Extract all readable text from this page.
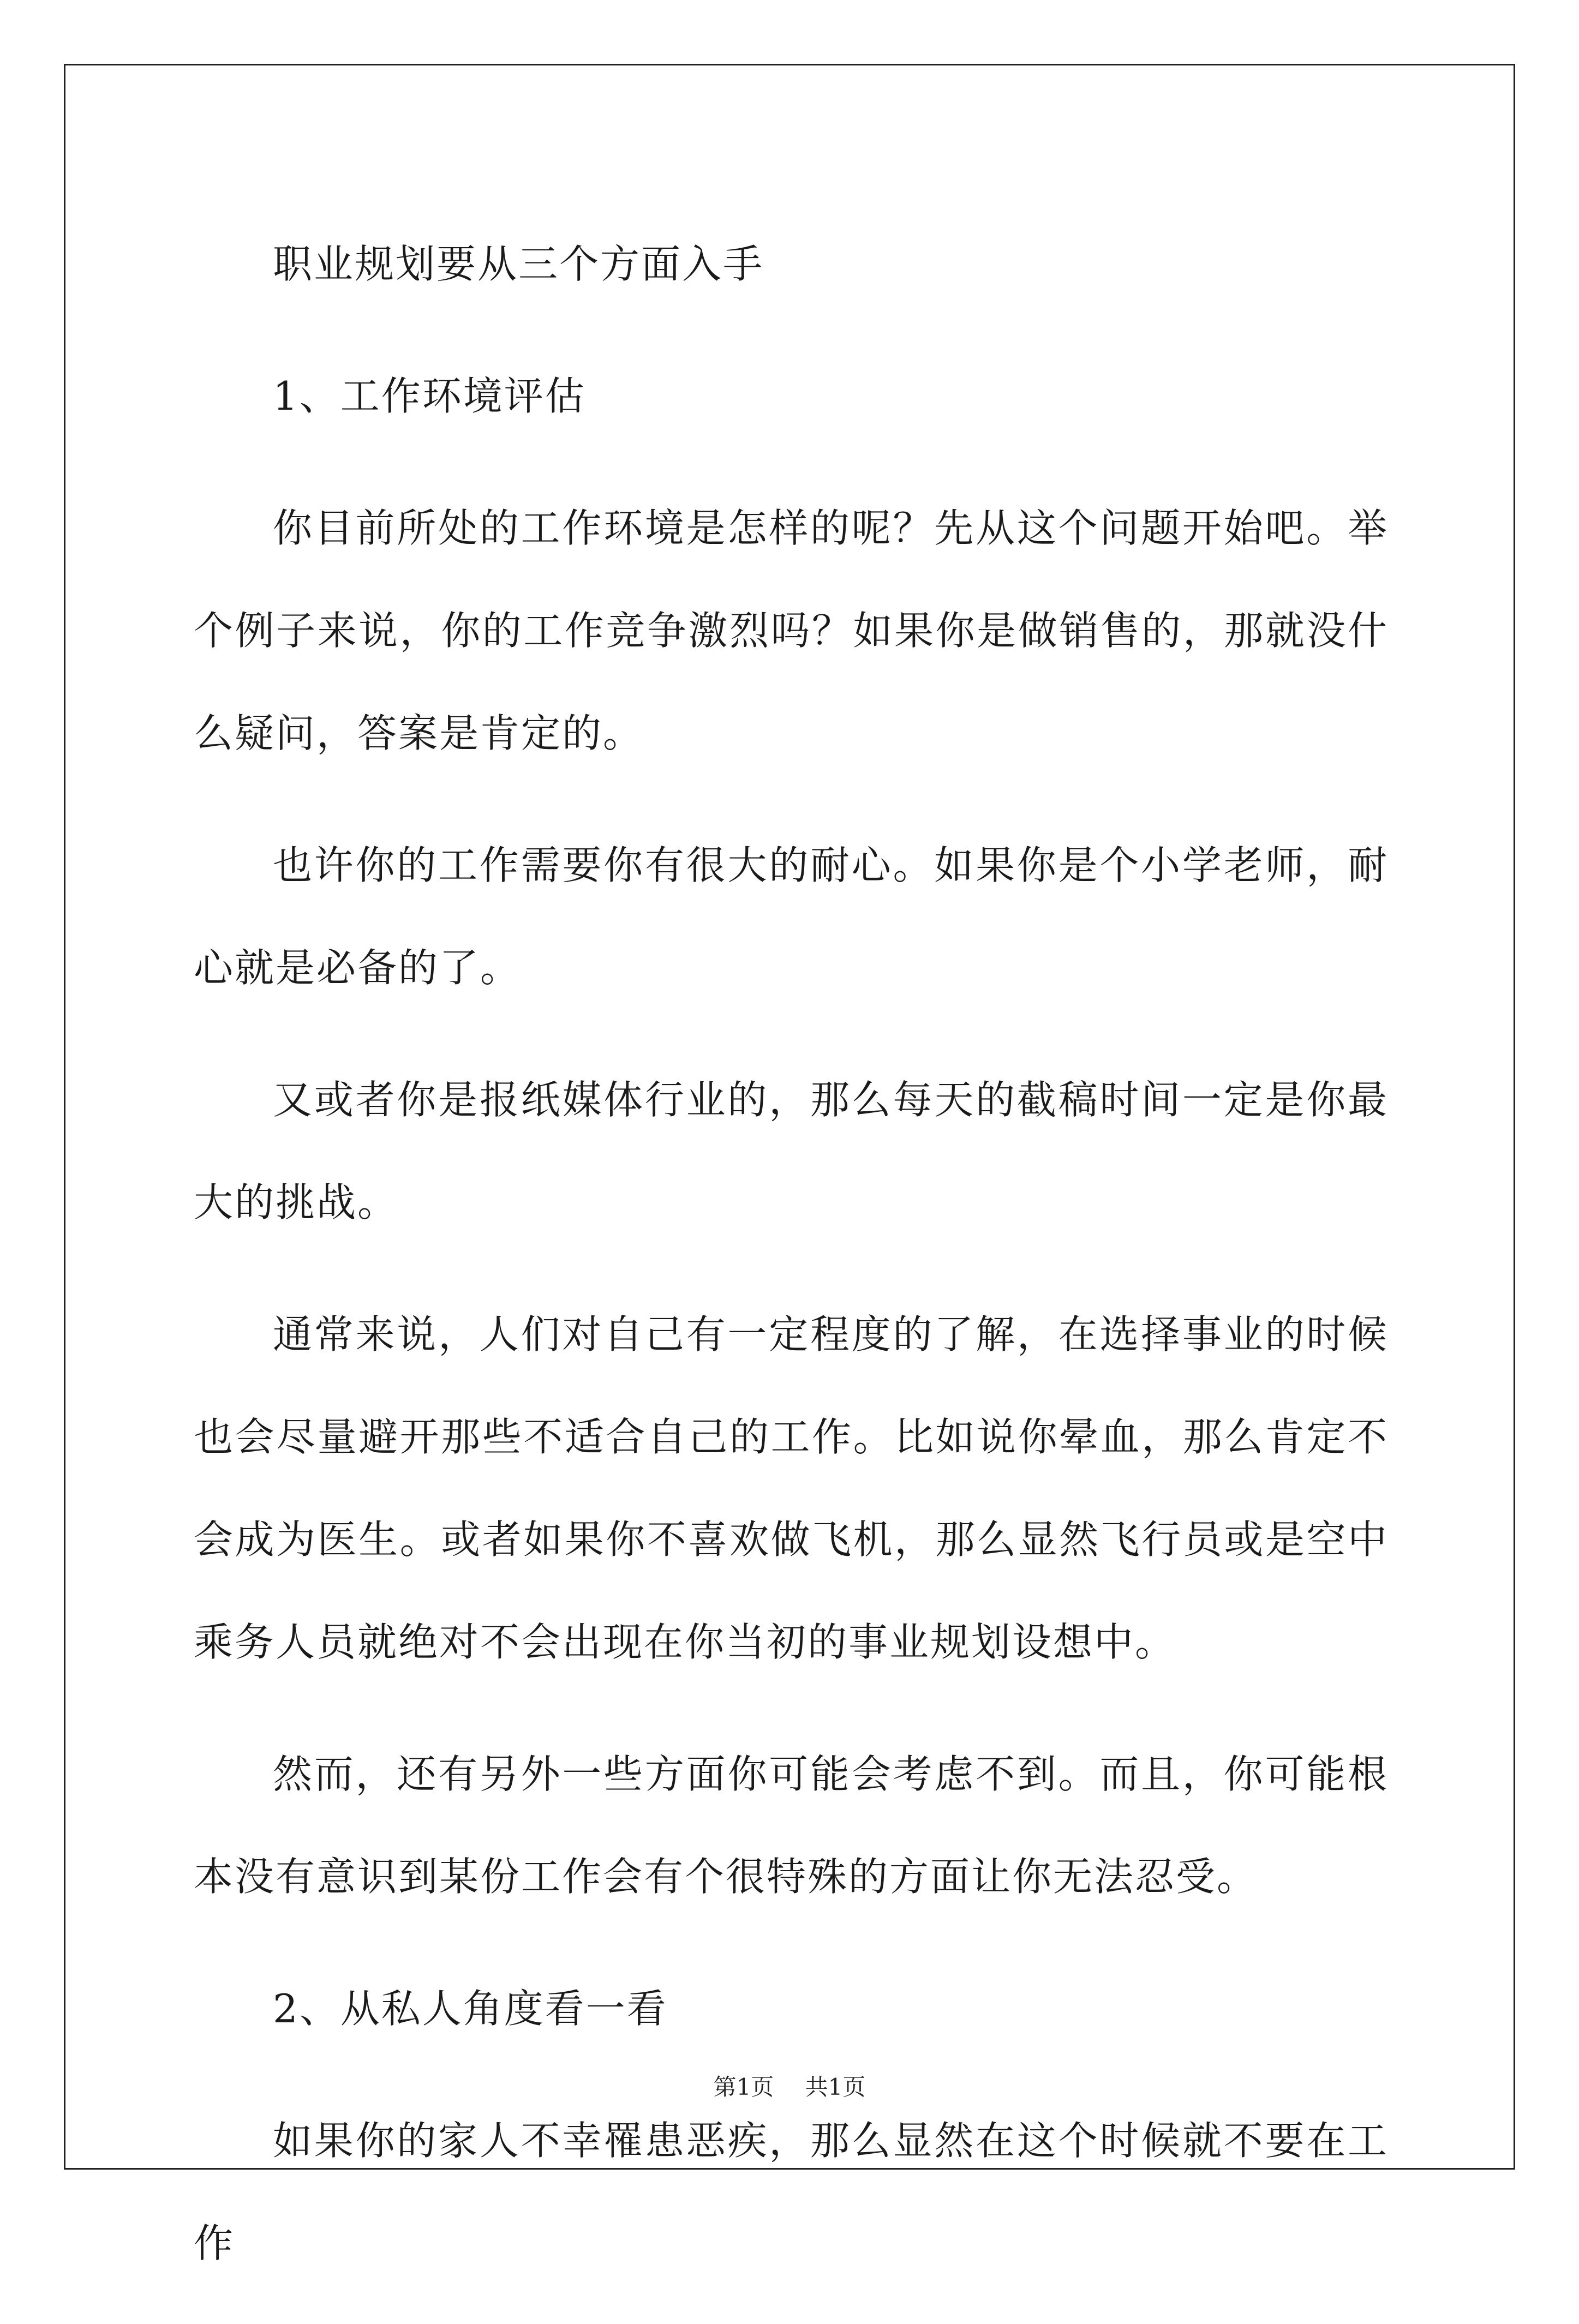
职业规划要从三个方面入手

1、工作环境评估

你目前所处的工作环境是怎样的呢？先从这个问题开始吧。举个例子来说，你的工作竞争激烈吗？如果你是做销售的，那就没什么疑问，答案是肯定的。

也许你的工作需要你有很大的耐心。如果你是个小学老师，耐心就是必备的了。

又或者你是报纸媒体行业的，那么每天的截稿时间一定是你最大的挑战。

通常来说，人们对自己有一定程度的了解，在选择事业的时候也会尽量避开那些不适合自己的工作。比如说你晕血，那么肯定不会成为医生。或者如果你不喜欢做飞机，那么显然飞行员或是空中乘务人员就绝对不会出现在你当初的事业规划设想中。

然而，还有另外一些方面你可能会考虑不到。而且，你可能根本没有意识到某份工作会有个很特殊的方面让你无法忍受。

2、从私人角度看一看

如果你的家人不幸罹患恶疾，那么显然在这个时候就不要在工作

第1页 共1页
